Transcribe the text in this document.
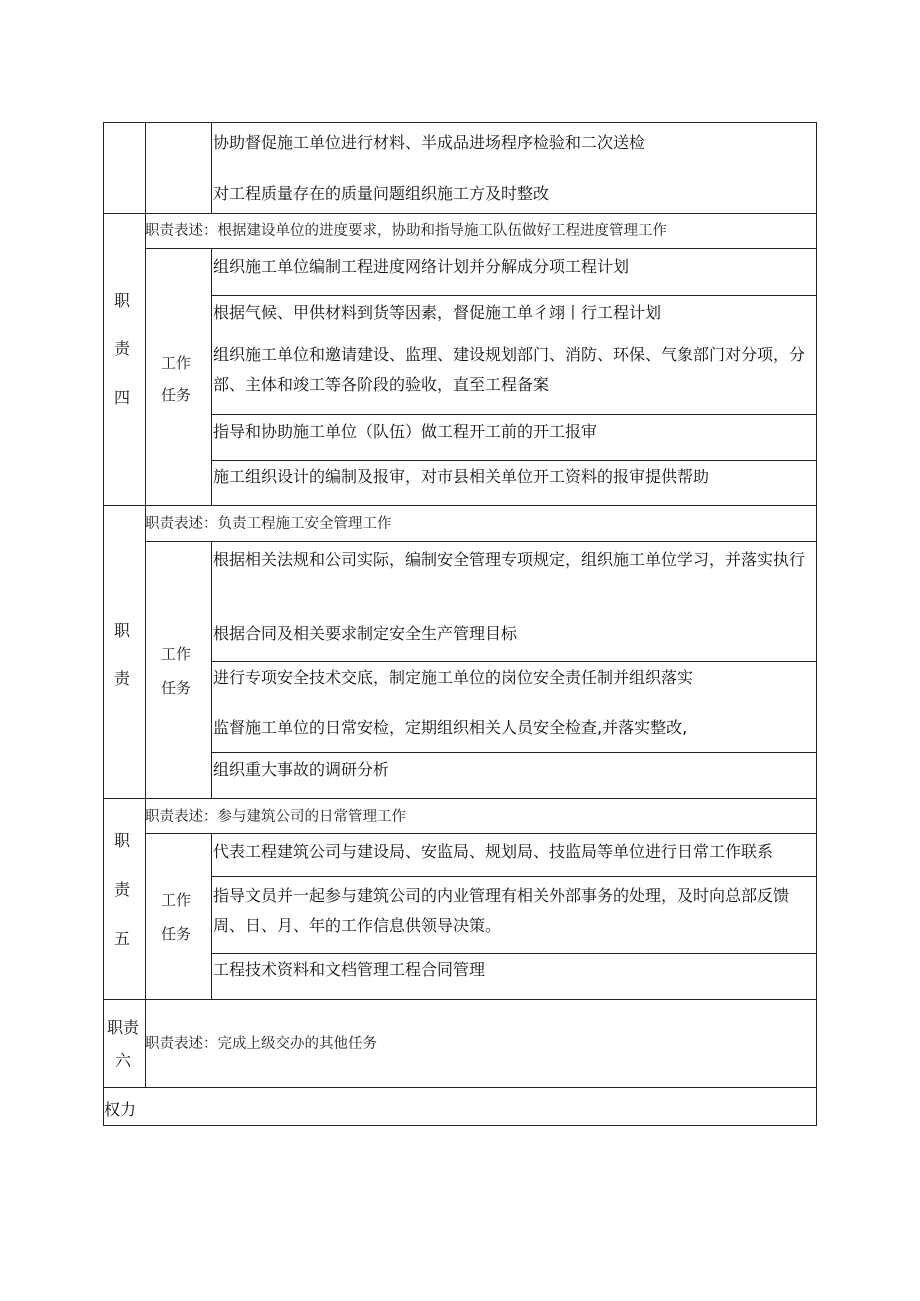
协助督促施工单位进行材料、半成品进场程序检验和二次送检
对工程质量存在的质量问题组织施工方及时整改
职
责
四
职责表述：根据建设单位的进度要求，协助和指导施工队伍做好工程进度管理工作
工作
任务
组织施工单位编制工程进度网络计划并分解成分项工程计划
根据气候、甲供材料到货等因素，督促施工单彳翊丨行工程计划
组织施工单位和邀请建设、监理、建设规划部门、消防、环保、气象部门对分项，分部、主体和竣工等各阶段的验收，直至工程备案
指导和协助施工单位（队伍）做工程开工前的开工报审
施工组织设计的编制及报审，对市县相关单位开工资料的报审提供帮助
职
责
职责表述：负责工程施工安全管理工作
工作
任务
根据相关法规和公司实际，编制安全管理专项规定，组织施工单位学习，并落实执行
根据合同及相关要求制定安全生产管理目标
进行专项安全技术交底，制定施工单位的岗位安全责任制并组织落实
监督施工单位的日常安检，定期组织相关人员安全检查,并落实整改,
组织重大事故的调研分析
职
责
五
职责表述：参与建筑公司的日常管理工作
工作
任务
代表工程建筑公司与建设局、安监局、规划局、技监局等单位进行日常工作联系
指导文员并一起参与建筑公司的内业管理有相关外部事务的处理，及时向总部反馈周、日、月、年的工作信息供领导决策。
工程技术资料和文档管理工程合同管理
职责
六
职责表述：完成上级交办的其他任务
权力
